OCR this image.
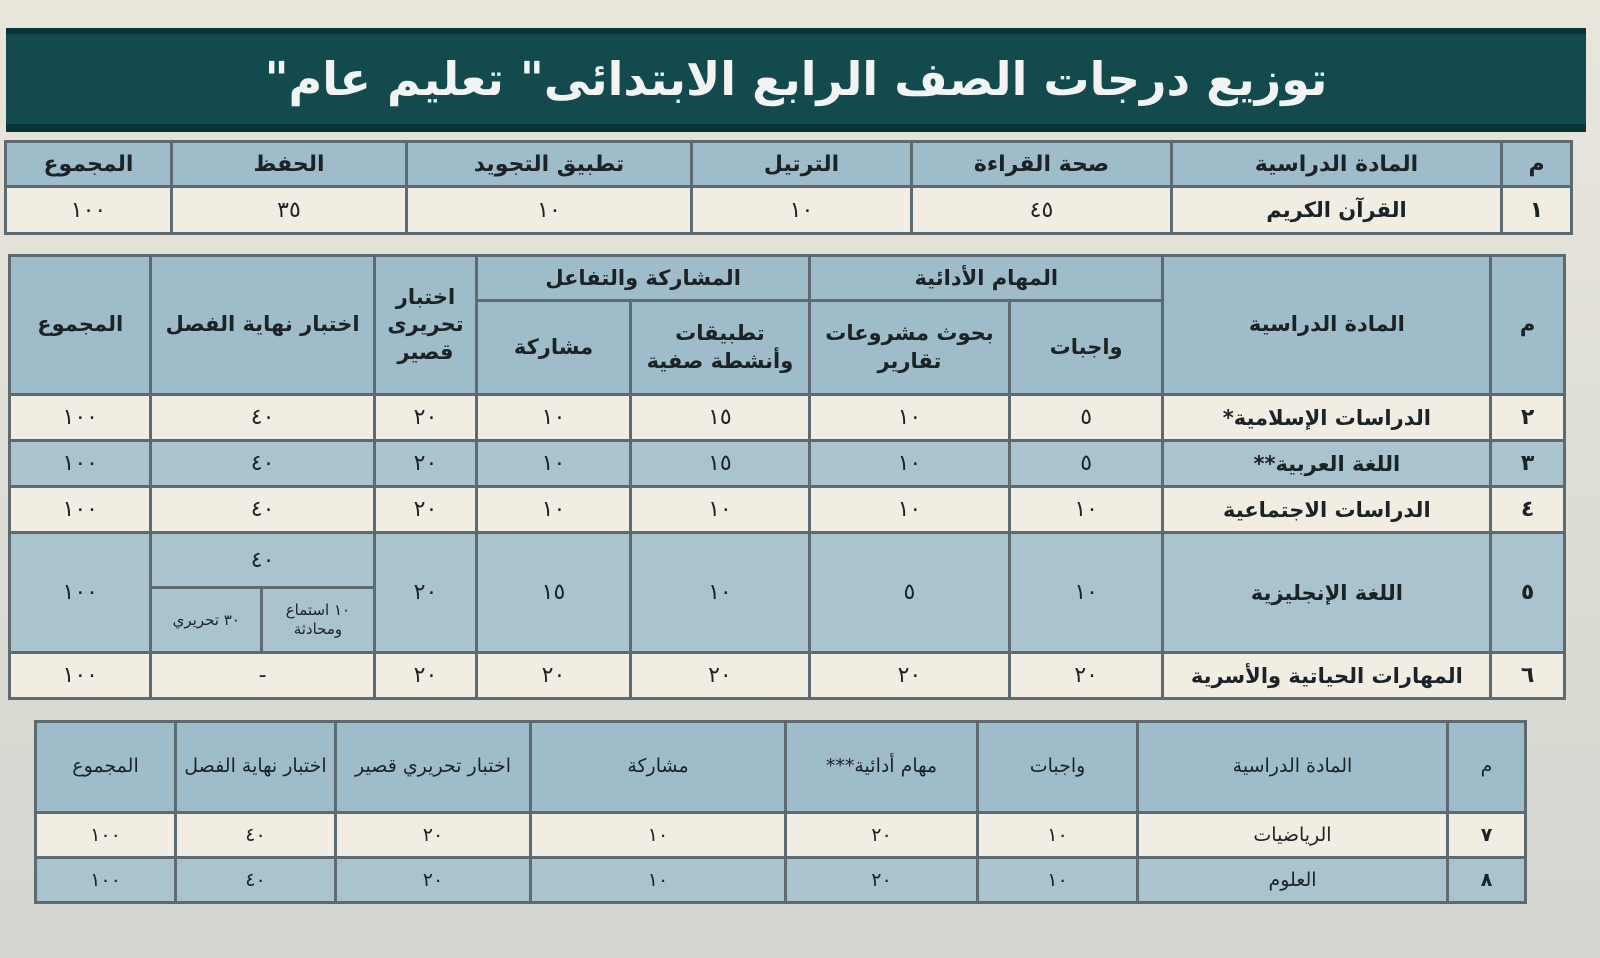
توزيع درجات الصف الرابع الابتدائى" تعليم عام"
م	المادة الدراسية	صحة القراءة	الترتيل	تطبيق التجويد	الحفظ	المجموع
١	القرآن الكريم	٤٥	١٠	١٠	٣٥	١٠٠
م	المادة الدراسية	المهام الأدائية		المشاركة والتفاعل		اختبار تحريرى قصير	اختبار نهاية الفصل		المجموع
		واجبات	بحوث مشروعات تقارير	تطبيقات وأنشطة صفية	مشاركة				
٢	الدراسات الإسلامية*	٥	١٠	١٥	١٠	٢٠	٤٠		١٠٠
٣	اللغة العربية**	٥	١٠	١٥	١٠	٢٠	٤٠		١٠٠
٤	الدراسات الاجتماعية	١٠	١٠	١٠	١٠	٢٠	٤٠		١٠٠
٥	اللغة الإنجليزية	١٠	٥	١٠	١٥	٢٠	٤٠		١٠٠
							١٠ استماع ومحادثة	٣٠ تحريري	
٦	المهارات الحياتية والأسرية	٢٠	٢٠	٢٠	٢٠	٢٠	-		١٠٠
م	المادة الدراسية	واجبات	مهام أدائية***	مشاركة	اختبار تحريري قصير	اختبار نهاية الفصل	المجموع
٧	الرياضيات	١٠	٢٠	١٠	٢٠	٤٠	١٠٠
٨	العلوم	١٠	٢٠	١٠	٢٠	٤٠	١٠٠
